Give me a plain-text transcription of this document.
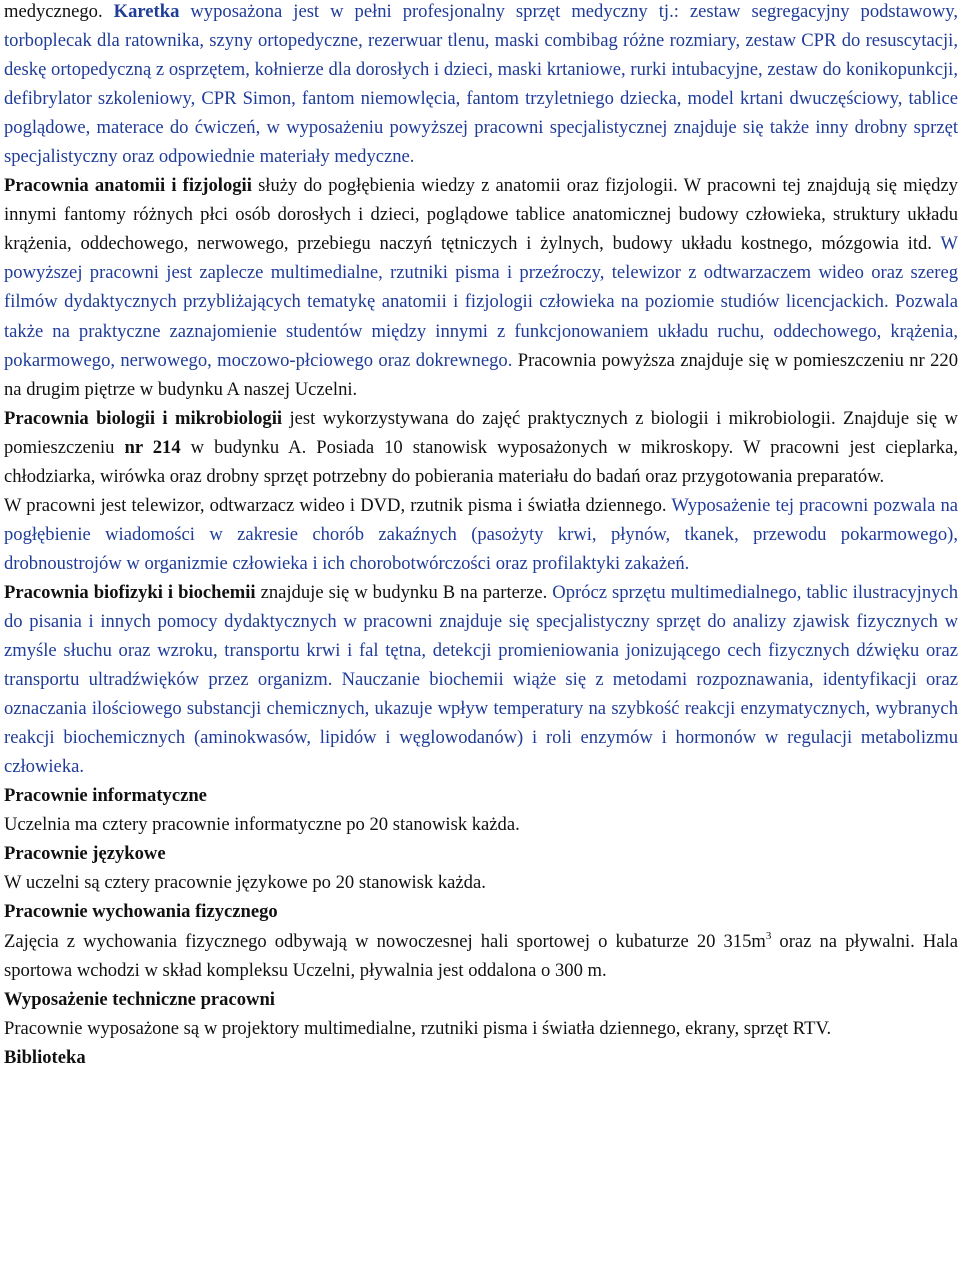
medycznego. Karetka wyposażona jest w pełni profesjonalny sprzęt medyczny tj.: zestaw segregacyjny podstawowy, torboplecak dla ratownika, szyny ortopedyczne, rezerwuar tlenu, maski combibag różne rozmiary, zestaw CPR do resuscytacji, deskę ortopedyczną z osprzętem, kołnierze dla dorosłych i dzieci, maski krtaniowe, rurki intubacyjne, zestaw do konikopunkcji, defibrylator szkoleniowy, CPR Simon, fantom niemowlęcia, fantom trzyletniego dziecka, model krtani dwuczęściowy, tablice poglądowe, materace do ćwiczeń, w wyposażeniu powyższej pracowni specjalistycznej znajduje się także inny drobny sprzęt specjalistyczny oraz odpowiednie materiały medyczne.

Pracownia anatomii i fizjologii służy do pogłębienia wiedzy z anatomii oraz fizjologii. W pracowni tej znajdują się między innymi fantomy różnych płci osób dorosłych i dzieci, poglądowe tablice anatomicznej budowy człowieka, struktury układu krążenia, oddechowego, nerwowego, przebiegu naczyń tętniczych i żylnych, budowy układu kostnego, mózgowia itd. W powyższej pracowni jest zaplecze multimedialne, rzutniki pisma i przeźroczy, telewizor z odtwarzaczem wideo oraz szereg filmów dydaktycznych przybliżających tematykę anatomii i fizjologii człowieka na poziomie studiów licencjackich. Pozwala także na praktyczne zaznajomienie studentów między innymi z funkcjonowaniem układu ruchu, oddechowego, krążenia, pokarmowego, nerwowego, moczowo-płciowego oraz dokrewnego. Pracownia powyższa znajduje się w pomieszczeniu nr 220 na drugim piętrze w budynku A naszej Uczelni.

Pracownia biologii i mikrobiologii jest wykorzystywana do zajęć praktycznych z biologii i mikrobiologii. Znajduje się w pomieszczeniu nr 214 w budynku A. Posiada 10 stanowisk wyposażonych w mikroskopy. W pracowni jest cieplarka, chłodziarka, wirówka oraz drobny sprzęt potrzebny do pobierania materiału do badań oraz przygotowania preparatów.

W pracowni jest telewizor, odtwarzacz wideo i DVD, rzutnik pisma i światła dziennego. Wyposażenie tej pracowni pozwala na pogłębienie wiadomości w zakresie chorób zakaźnych (pasożyty krwi, płynów, tkanek, przewodu pokarmowego), drobnoustrojów w organizmie człowieka i ich chorobotwórczości oraz profilaktyki zakażeń.

Pracownia biofizyki i biochemii znajduje się w budynku B na parterze. Oprócz sprzętu multimedialnego, tablic ilustracyjnych do pisania i innych pomocy dydaktycznych w pracowni znajduje się specjalistyczny sprzęt do analizy zjawisk fizycznych w zmyśle słuchu oraz wzroku, transportu krwi i fal tętna, detekcji promieniowania jonizującego cech fizycznych dźwięku oraz transportu ultradźwięków przez organizm. Nauczanie biochemii wiąże się z metodami rozpoznawania, identyfikacji oraz oznaczania ilościowego substancji chemicznych, ukazuje wpływ temperatury na szybkość reakcji enzymatycznych, wybranych reakcji biochemicznych (aminokwasów, lipidów i węglowodanów) i roli enzymów i hormonów w regulacji metabolizmu człowieka.

Pracownie informatyczne

Uczelnia ma cztery pracownie informatyczne po 20 stanowisk każda.

Pracownie językowe

W uczelni są cztery pracownie językowe po 20 stanowisk każda.

Pracownie wychowania fizycznego

Zajęcia z wychowania fizycznego odbywają w nowoczesnej hali sportowej o kubaturze 20 $315m^3$ oraz na pływalni. Hala sportowa wchodzi w skład kompleksu Uczelni, pływalnia jest oddalona o 300 m.

Wyposażenie techniczne pracowni

Pracownie wyposażone są w projektory multimedialne, rzutniki pisma i światła dziennego, ekrany, sprzęt RTV.

Biblioteka
